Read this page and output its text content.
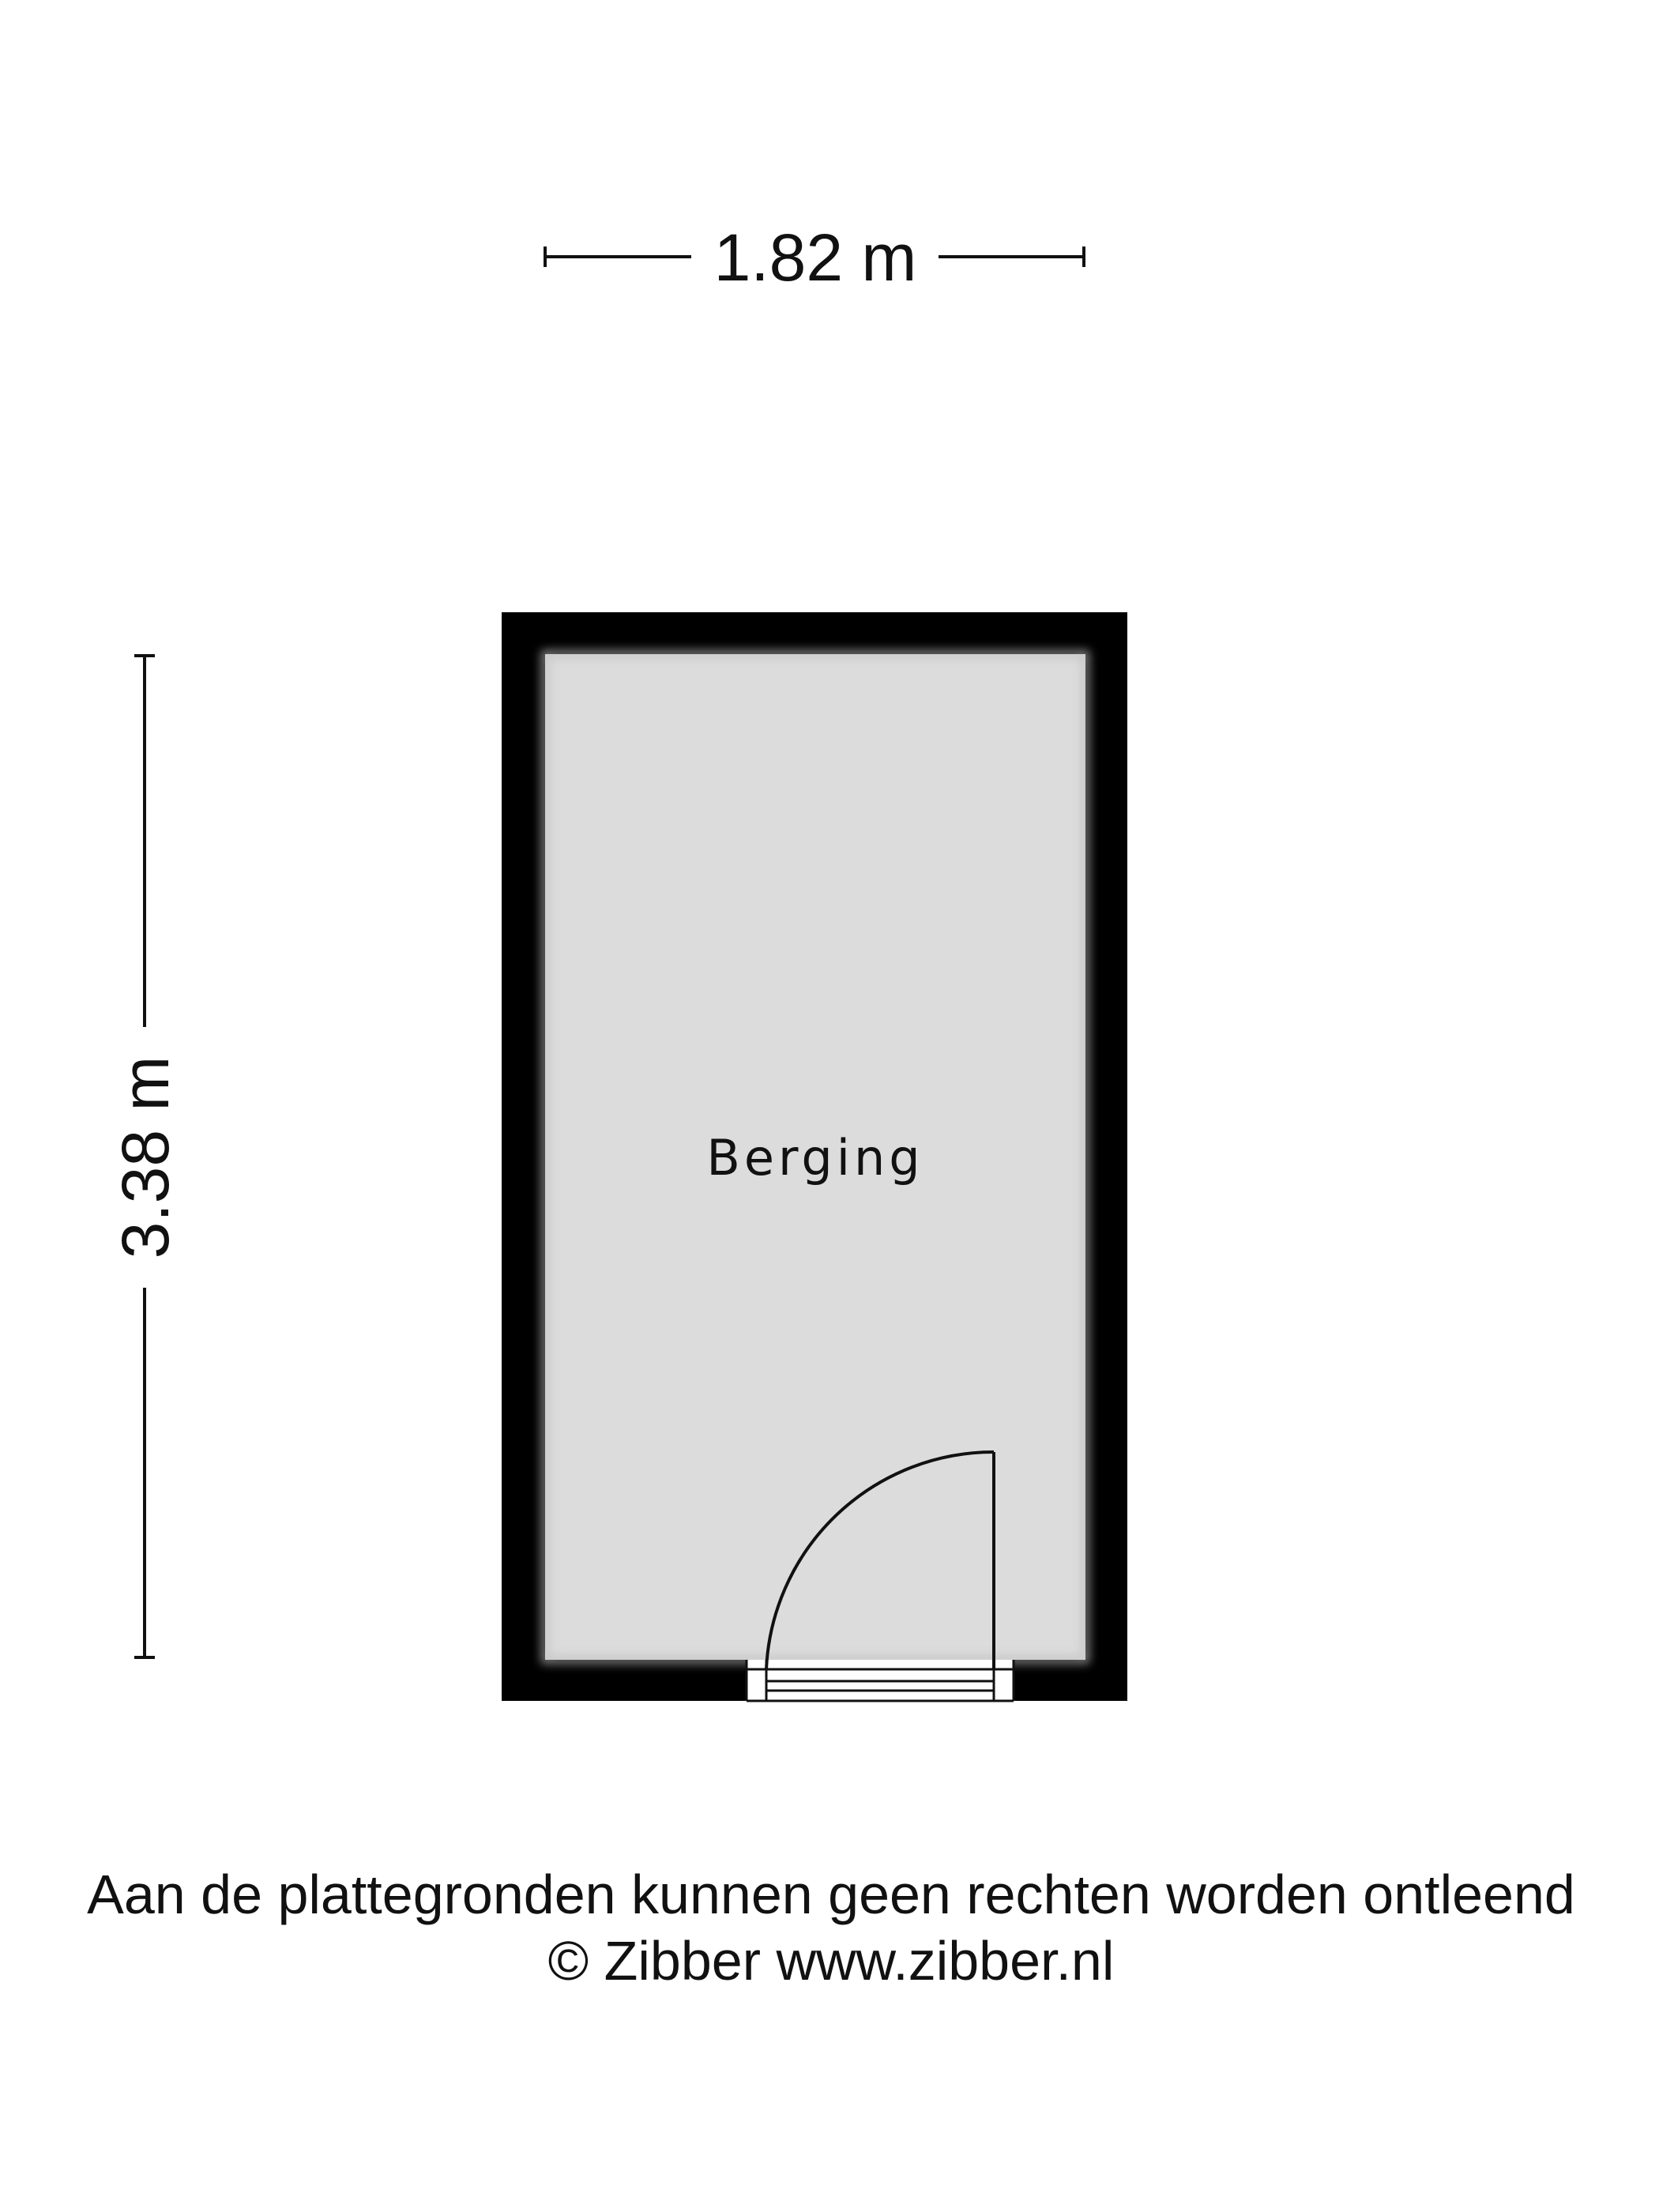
1.82 m
3.38 m	Berging
Aan de plattegronden kunnen geen rechten worden ontleend
© Zibber www.zibber.nl
